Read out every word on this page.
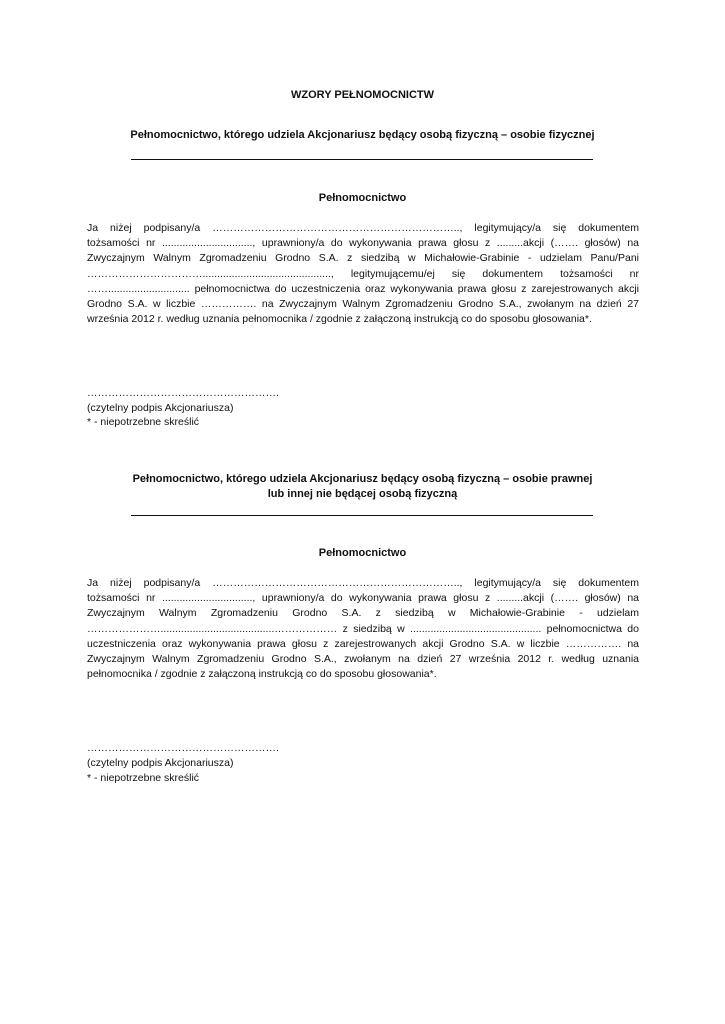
WZORY PEŁNOMOCNICTW

Pełnomocnictwo, którego udziela Akcjonariusz będący osobą fizyczną – osobie fizycznej

Pełnomocnictwo

Ja niżej podpisany/a …………………………………………………………….., legitymujący/a się dokumentem tożsamości nr ..............................., uprawniony/a do wykonywania prawa głosu z .........akcji (……. głosów) na Zwyczajnym Walnym Zgromadzeniu Grodno S.A. z siedzibą w Michałowie-Grabinie - udzielam Panu/Pani ……………………………............................................, legitymującemu/ej się dokumentem tożsamości nr ……............................ pełnomocnictwa do uczestniczenia oraz wykonywania prawa głosu z zarejestrowanych akcji Grodno S.A. w liczbie ……………. na Zwyczajnym Walnym Zgromadzeniu Grodno S.A., zwołanym na dzień 27 września 2012 r. według uznania pełnomocnika / zgodnie z załączoną instrukcją co do sposobu głosowania*.

……………………………………………….

(czytelny podpis Akcjonariusza)

* - niepotrzebne skreślić

Pełnomocnictwo, którego udziela Akcjonariusz będący osobą fizyczną – osobie prawnej

lub innej nie będącej osobą fizyczną

Pełnomocnictwo

Ja niżej podpisany/a …………………………………………………………….., legitymujący/a się dokumentem tożsamości nr ..............................., uprawniony/a do wykonywania prawa głosu z .........akcji (……. głosów) na Zwyczajnym Walnym Zgromadzeniu Grodno S.A. z siedzibą w Michałowie-Grabinie - udzielam ………………….......................................……………… z siedzibą w ............................................. pełnomocnictwa do uczestniczenia oraz wykonywania prawa głosu z zarejestrowanych akcji Grodno S.A. w liczbie ……………. na Zwyczajnym Walnym Zgromadzeniu Grodno S.A., zwołanym na dzień 27 września 2012 r. według uznania pełnomocnika / zgodnie z załączoną instrukcją co do sposobu głosowania*.

……………………………………………….

(czytelny podpis Akcjonariusza)

* - niepotrzebne skreślić
